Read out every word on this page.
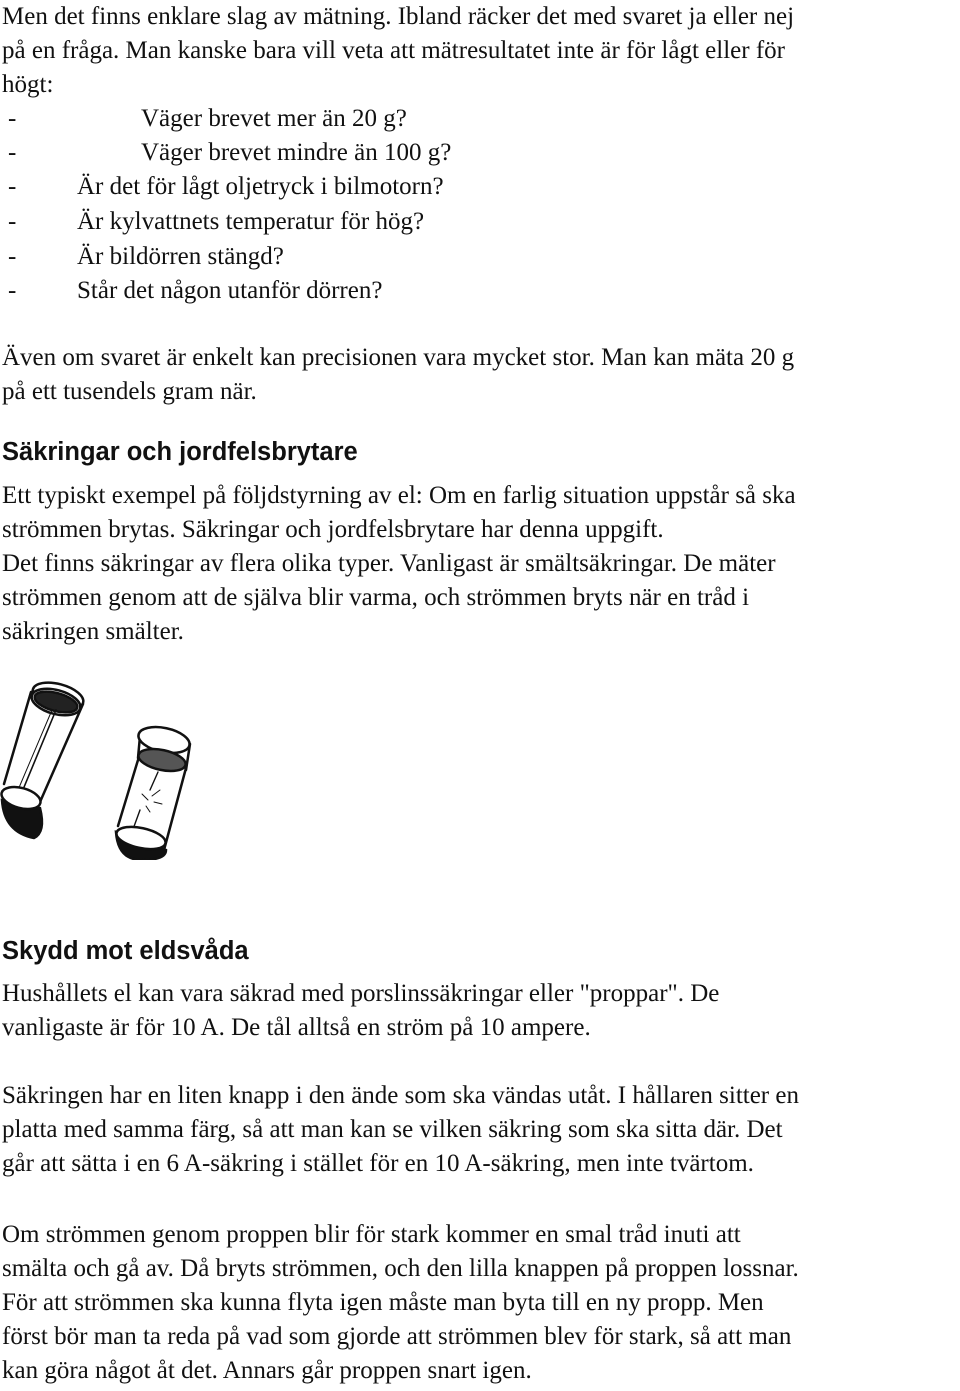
Men det finns enklare slag av mätning. Ibland räcker det med svaret ja eller nej
på en fråga. Man kanske bara vill veta att mätresultatet inte är för lågt eller för
högt:
-	Väger brevet mer än 20 g?
-	Väger brevet mindre än 100 g?
- Är det för lågt oljetryck i bilmotorn?
- Är kylvattnets temperatur för hög?
- Är bildörren stängd?
- Står det någon utanför dörren?
Även om svaret är enkelt kan precisionen vara mycket stor. Man kan mäta 20 g
på ett tusendels gram när.
Säkringar och jordfelsbrytare
Ett typiskt exempel på följdstyrning av el: Om en farlig situation uppstår så ska
strömmen brytas. Säkringar och jordfelsbrytare har denna uppgift.
Det finns säkringar av flera olika typer. Vanligast är smältsäkringar. De mäter
strömmen genom att de själva blir varma, och strömmen bryts när en tråd i
säkringen smälter.
Skydd mot eldsvåda
Hushållets el kan vara säkrad med porslinssäkringar eller "proppar". De
vanligaste är för 10 A. De tål alltså en ström på 10 ampere.
Säkringen har en liten knapp i den ände som ska vändas utåt. I hållaren sitter en
platta med samma färg, så att man kan se vilken säkring som ska sitta där. Det
går att sätta i en 6 A-säkring i stället för en 10 A-säkring, men inte tvärtom.
Om strömmen genom proppen blir för stark kommer en smal tråd inuti att
smälta och gå av. Då bryts strömmen, och den lilla knappen på proppen lossnar.
För att strömmen ska kunna flyta igen måste man byta till en ny propp. Men
först bör man ta reda på vad som gjorde att strömmen blev för stark, så att man
kan göra något åt det. Annars går proppen snart igen.
